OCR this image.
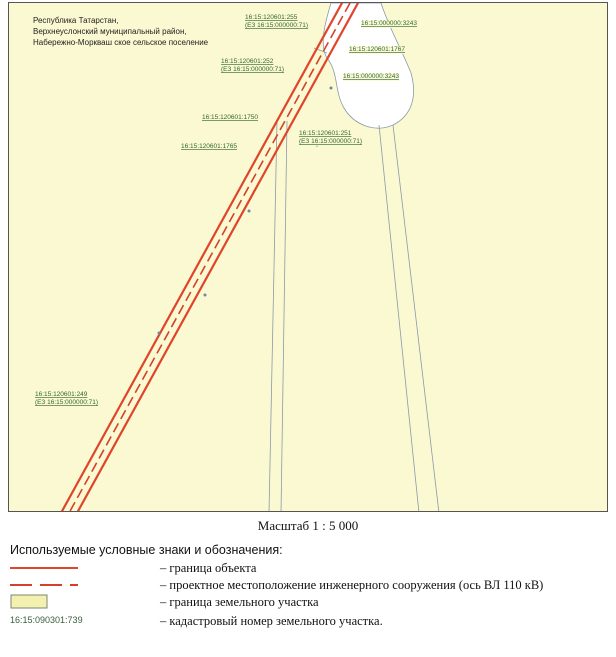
Республика Татарстан,
Верхнеуслонский муниципальный район,
Набережно-Моркваш ское сельское поселение
16:15:120601:255
(ЕЗ 16:15:000000:71)	16:15:000000:3243
16:15:120601:1767
16:15:120601:252
(ЕЗ 16:15:000000:71)
16:15:000000:3243
16:15:120601:1750
16:15:120601:251
(ЕЗ 16:15:000000:71)
16:15:120601:1765
16:15:120601:249
(ЕЗ 16:15:000000:71)
Масштаб 1 : 5 000
Используемые условные знаки и обозначения:
– граница объекта
– проектное местоположение инженерного сооружения (ось ВЛ 110 кВ)
– граница земельного участка
16:15:090301:739	– кадастровый номер земельного участка.
